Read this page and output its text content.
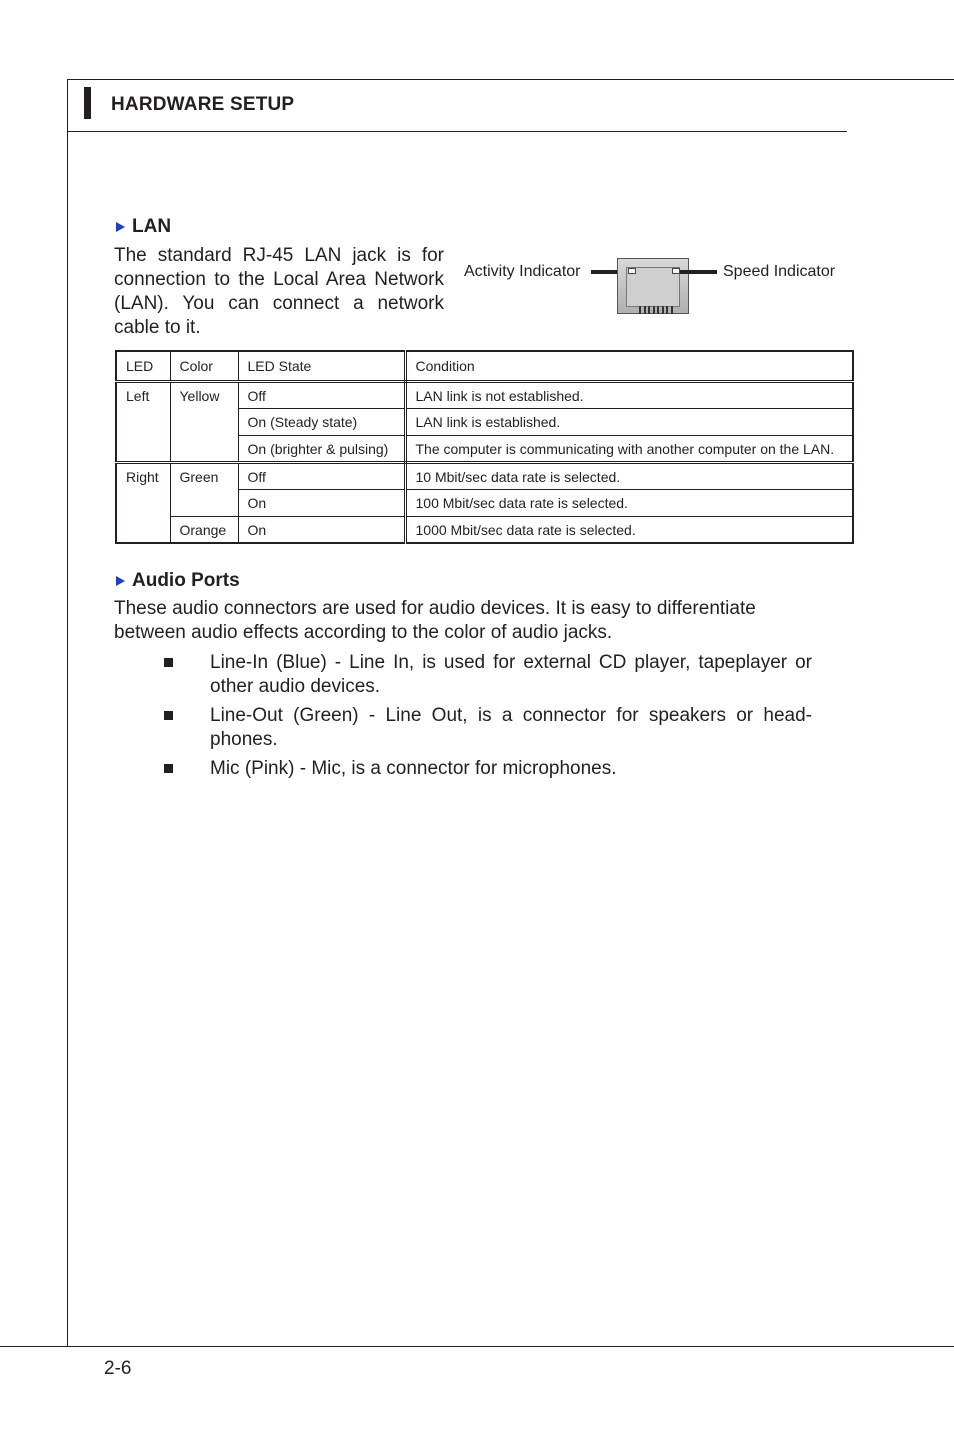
HARDWARE SETUP
LAN
The standard RJ-45 LAN jack is for connection to the Local Area Network (LAN). You can connect a network cable to it.
Activity Indicator	Speed Indicator
LED	Color	LED State	Condition
Left	Yellow	Off	LAN link is not established.
		On (Steady state)	LAN link is established.
		On (brighter & pulsing)	The computer is communicating with another computer on the LAN.
Right	Green	Off	10 Mbit/sec data rate is selected.
		On	100 Mbit/sec data rate is selected.
	Orange	On	1000 Mbit/sec data rate is selected.
Audio Ports
These audio connectors are used for audio devices. It is easy to differentiate between audio effects according to the color of audio jacks.
Line-In (Blue) - Line In, is used for external CD player, tapeplayer or other audio devices.
Line-Out (Green) - Line Out, is a connector for speakers or head-phones.
Mic (Pink) - Mic, is a connector for microphones.
2-6
